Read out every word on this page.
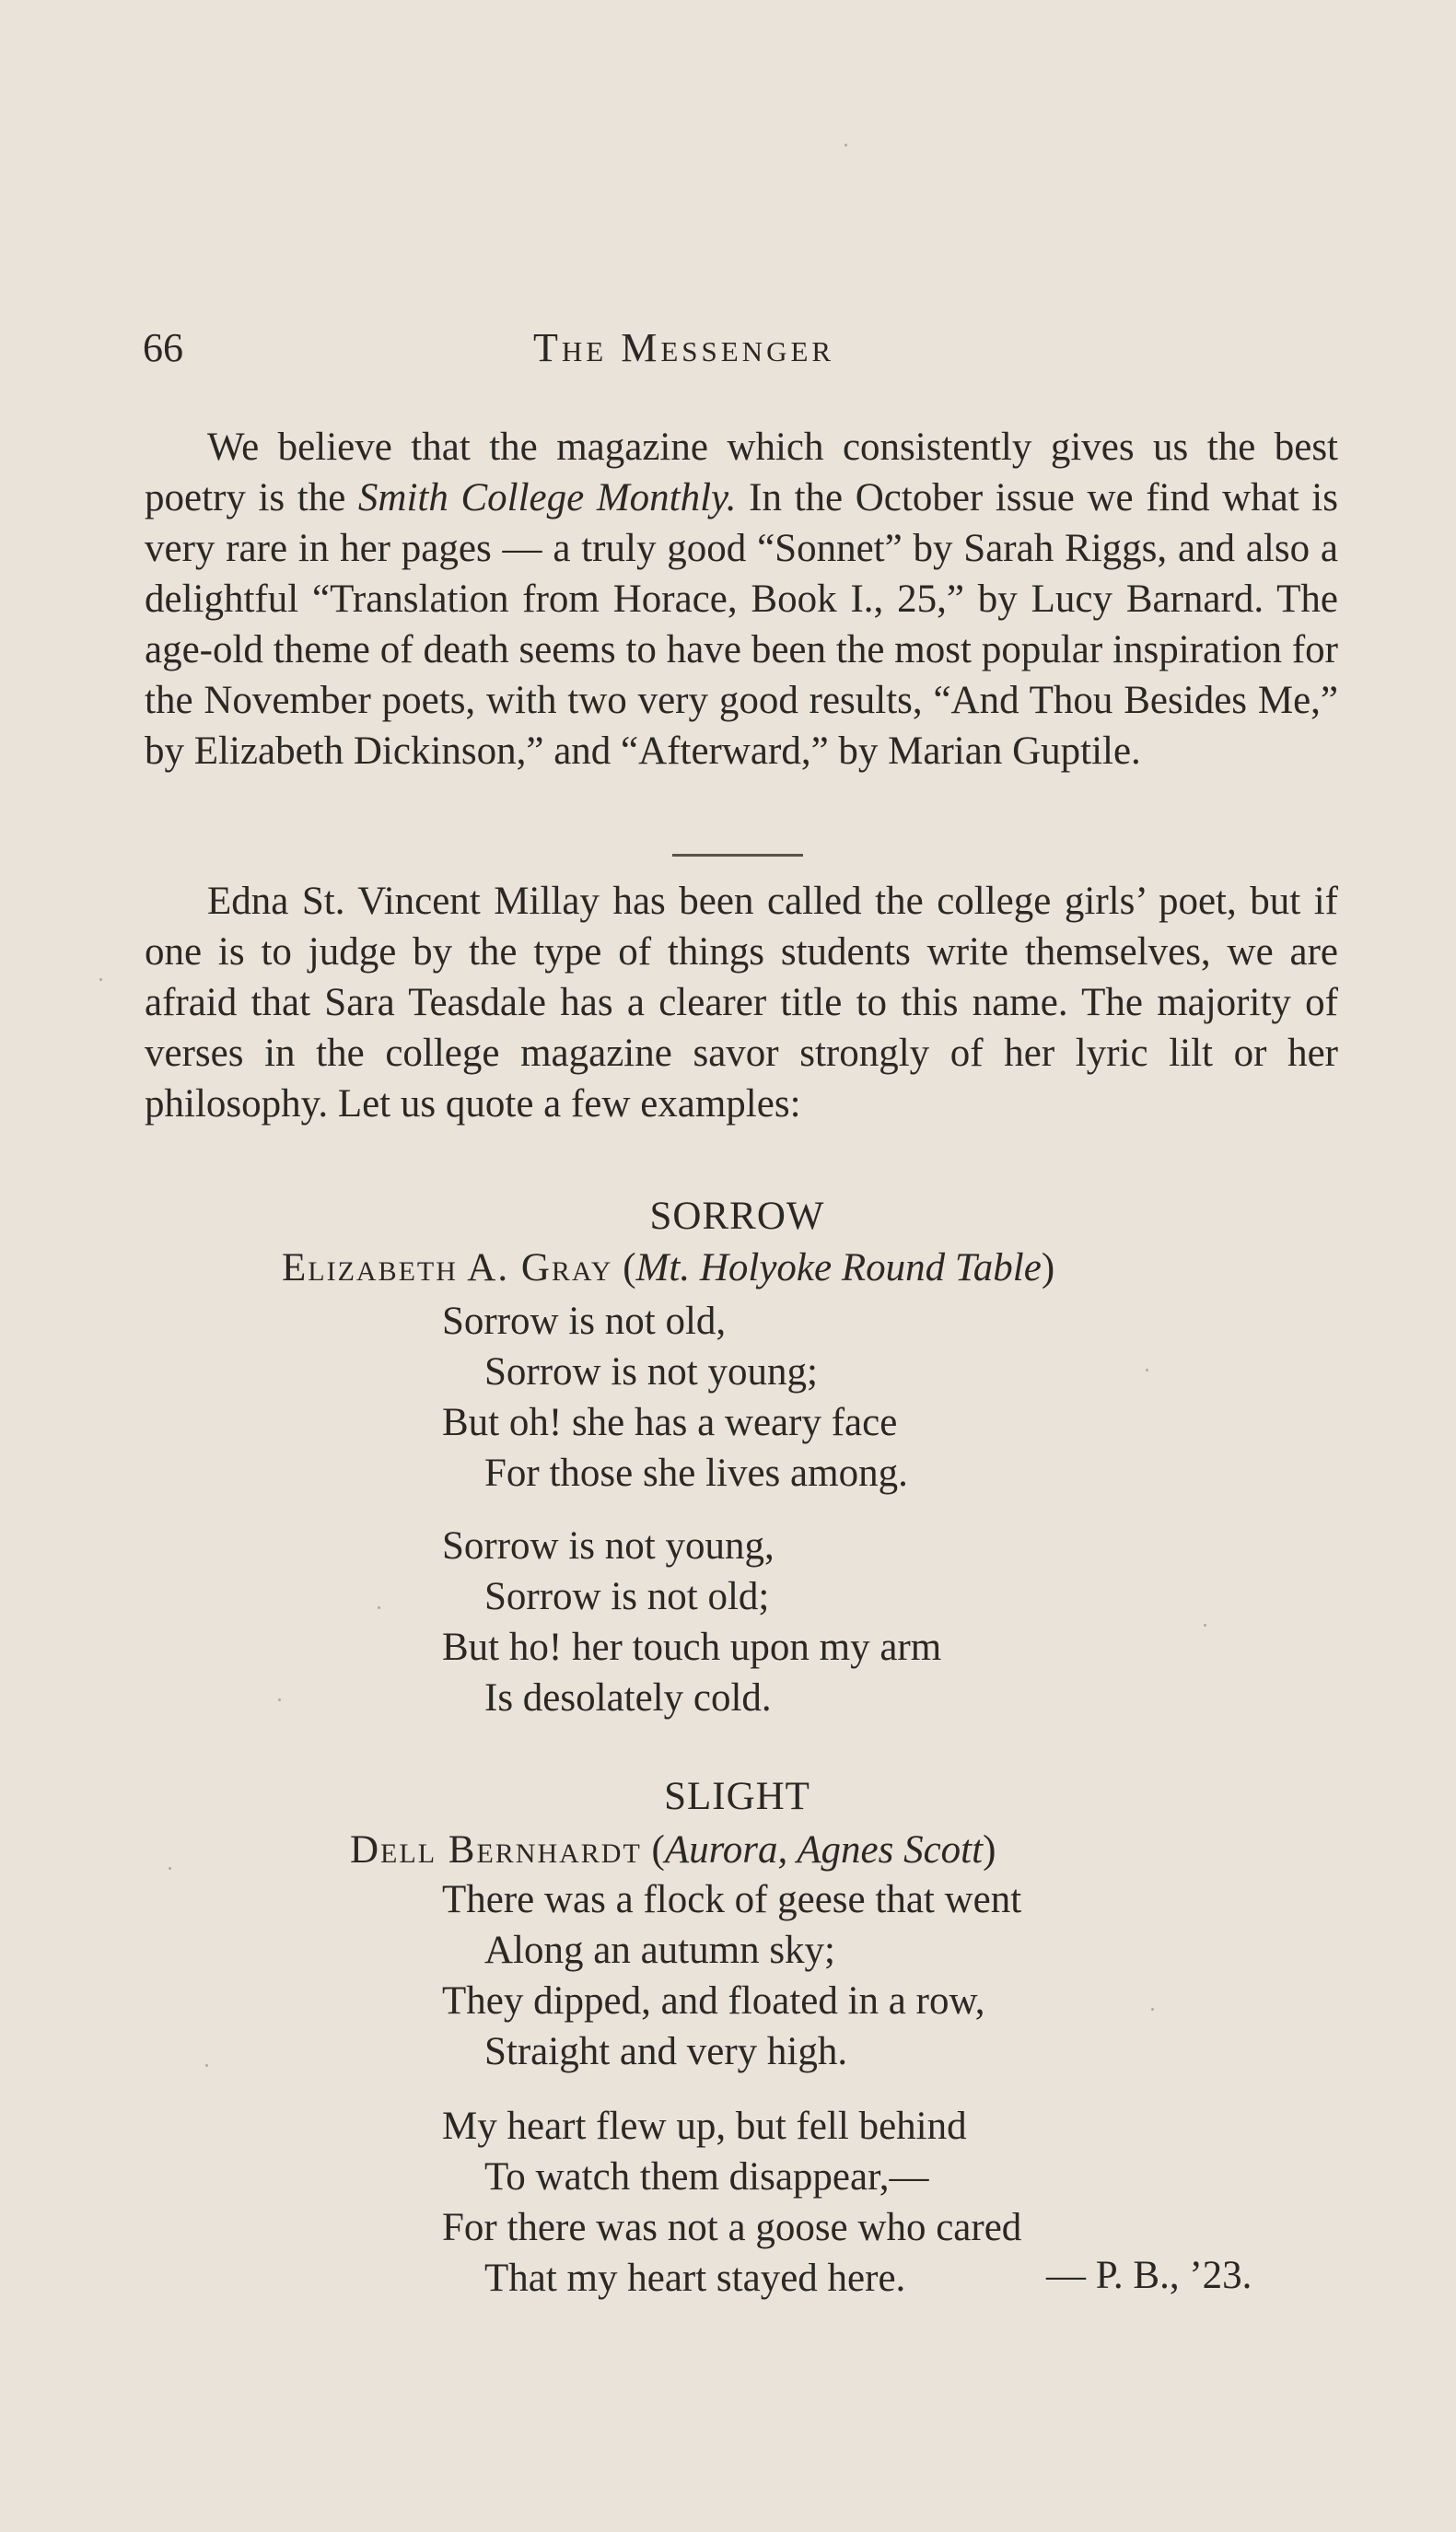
66	The Messenger

We believe that the magazine which consistently gives us the best poetry is the Smith College Monthly. In the October issue we find what is very rare in her pages — a truly good “Sonnet” by Sarah Riggs, and also a delightful “Translation from Horace, Book I., 25,” by Lucy Barnard. The age-old theme of death seems to have been the most popular inspiration for the November poets, with two very good results, “And Thou Besides Me,” by Elizabeth Dickinson,” and “Afterward,” by Marian Guptile.

Edna St. Vincent Millay has been called the college girls’ poet, but if one is to judge by the type of things students write themselves, we are afraid that Sara Teasdale has a clearer title to this name. The majority of verses in the college magazine savor strongly of her lyric lilt or her philosophy. Let us quote a few examples:

SORROW
Elizabeth A. Gray (Mt. Holyoke Round Table)
Sorrow is not old,
Sorrow is not young;
But oh! she has a weary face
For those she lives among.
Sorrow is not young,
Sorrow is not old;
But ho! her touch upon my arm
Is desolately cold.
SLIGHT
Dell Bernhardt (Aurora, Agnes Scott)
There was a flock of geese that went
Along an autumn sky;
They dipped, and floated in a row,
Straight and very high.
My heart flew up, but fell behind
To watch them disappear,—
For there was not a goose who cared
That my heart stayed here.	— P. B., ’23.
